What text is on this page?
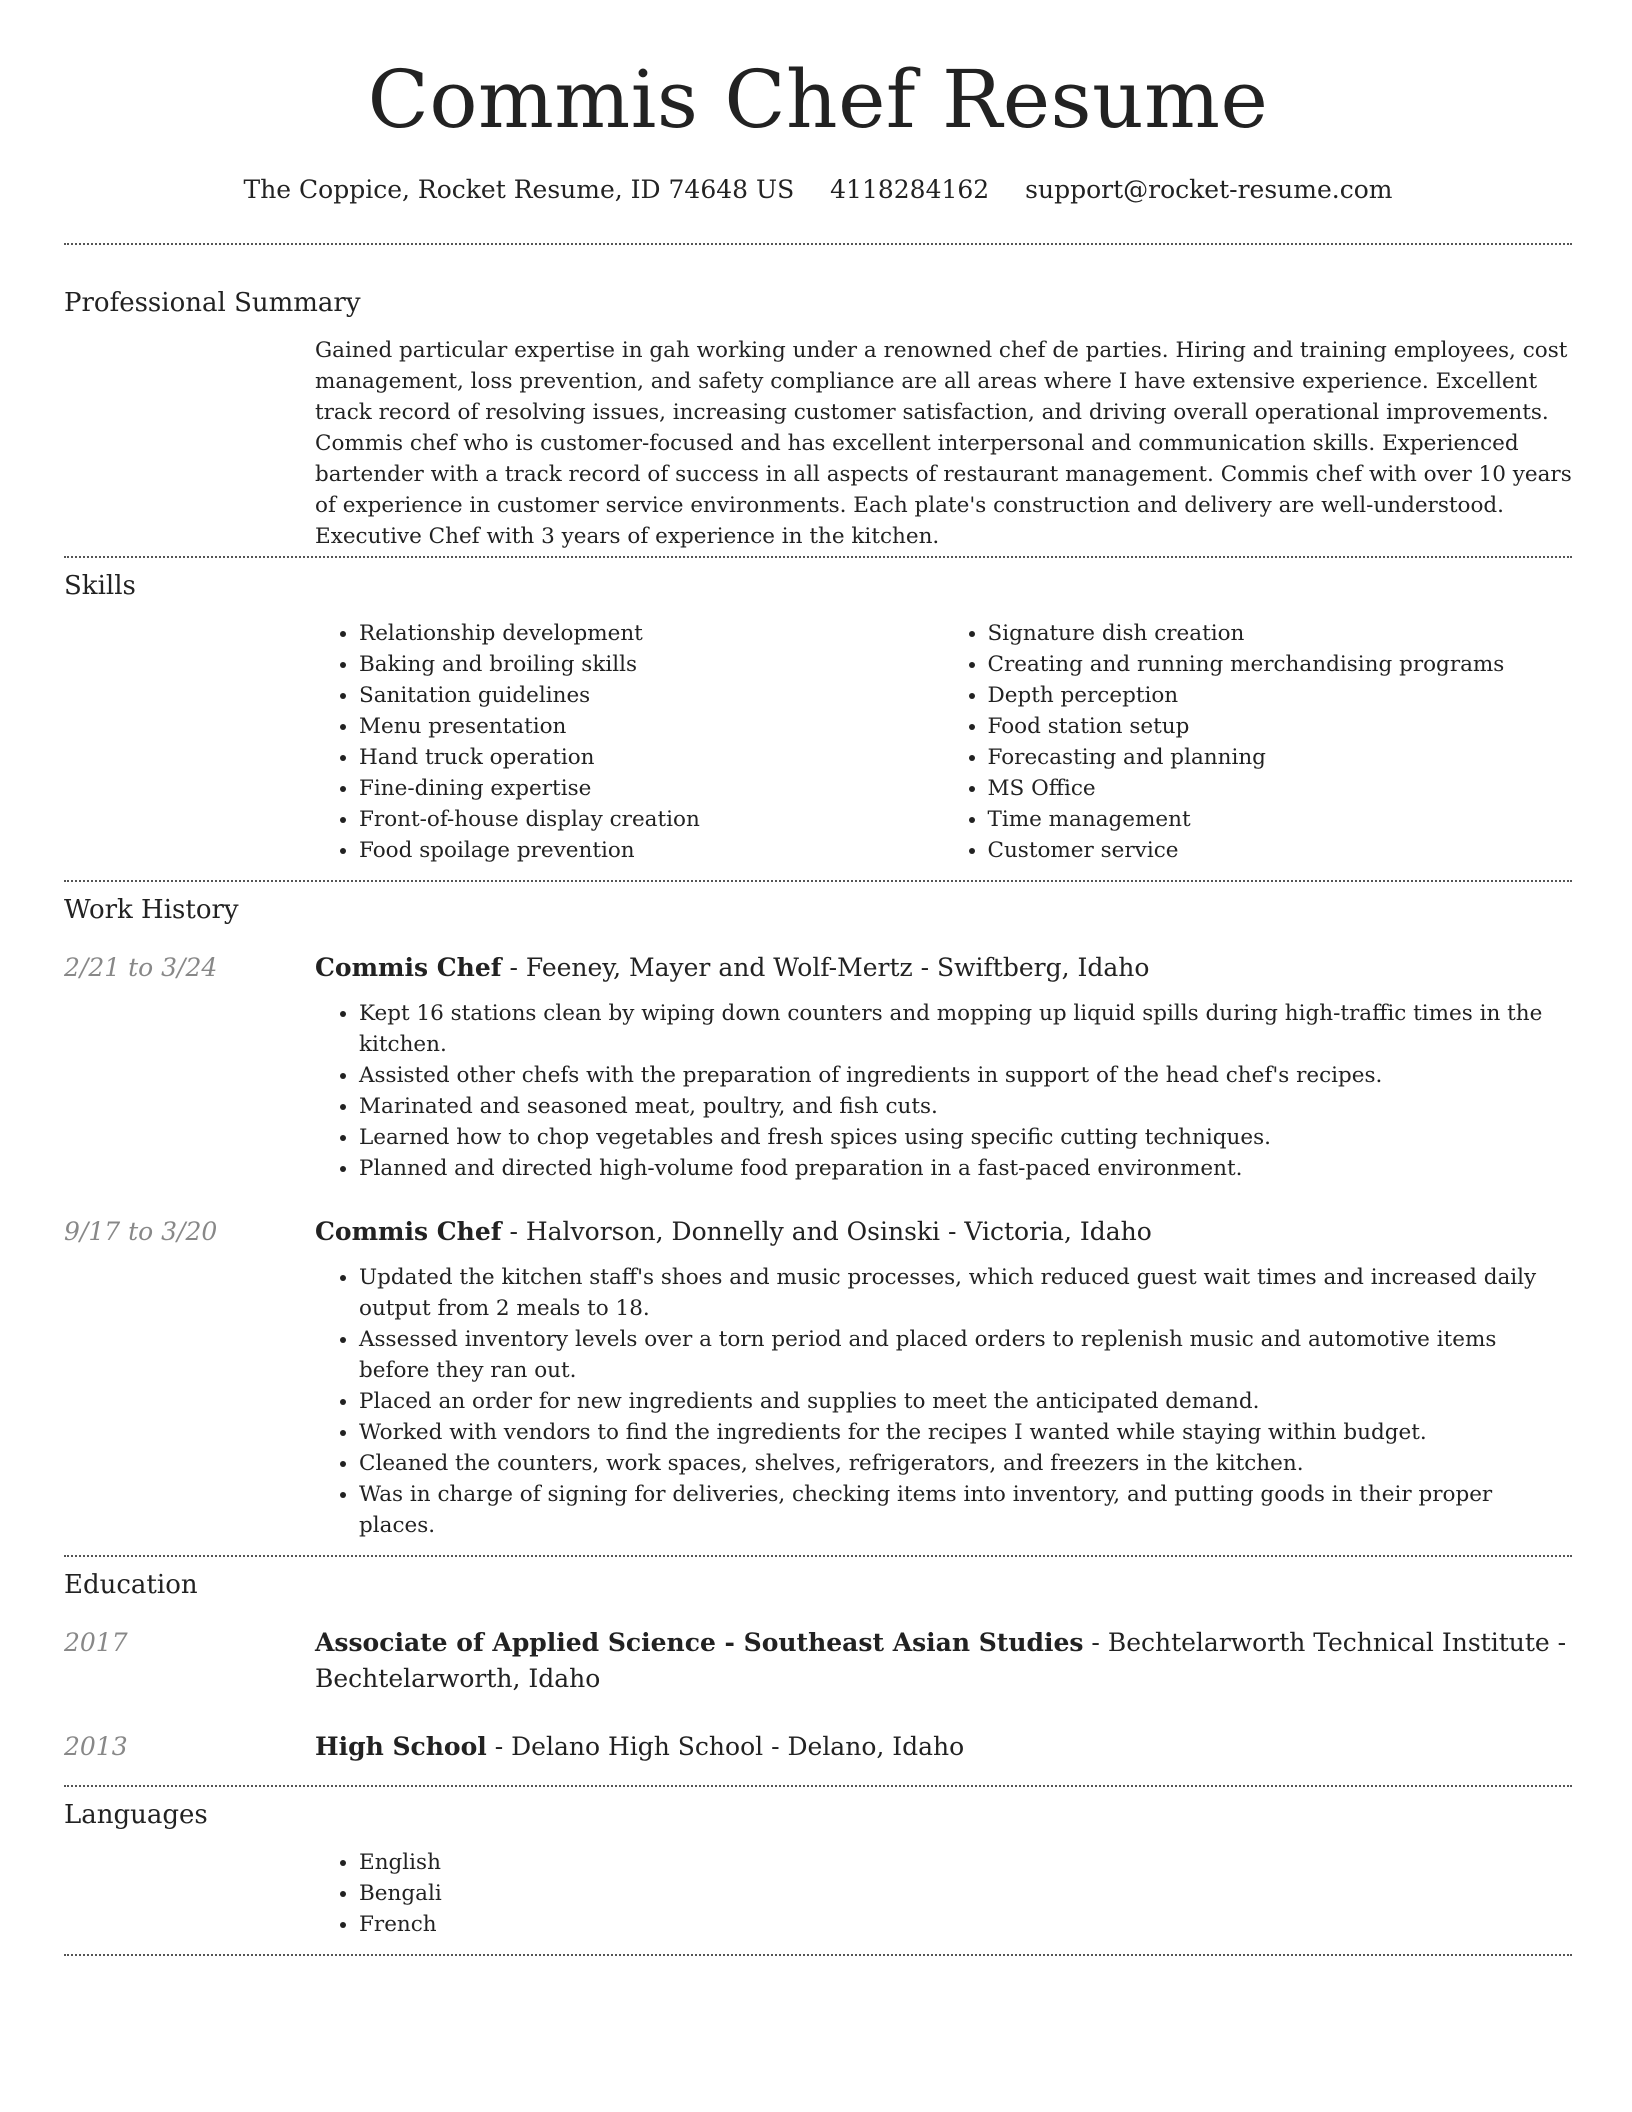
Commis Chef Resume
The Coppice, Rocket Resume, ID 74648 US 4118284162 support@rocket-resume.com
Professional Summary

Gained particular expertise in gah working under a renowned chef de parties. Hiring and training employees, cost management, loss prevention, and safety compliance are all areas where I have extensive experience. Excellent track record of resolving issues, increasing customer satisfaction, and driving overall operational improvements. Commis chef who is customer-focused and has excellent interpersonal and communication skills. Experienced bartender with a track record of success in all aspects of restaurant management. Commis chef with over 10 years of experience in customer service environments. Each plate's construction and delivery are well-understood. Executive Chef with 3 years of experience in the kitchen.

Skills
• Relationship development
• Baking and broiling skills
• Sanitation guidelines
• Menu presentation
• Hand truck operation
• Fine-dining expertise
• Front-of-house display creation
• Food spoilage prevention
• Signature dish creation
• Creating and running merchandising programs
• Depth perception
• Food station setup
• Forecasting and planning
• MS Office
• Time management
• Customer service
Work History
2/21 to 3/24	Commis Chef - Feeney, Mayer and Wolf-Mertz - Swiftberg, Idaho
• Kept 16 stations clean by wiping down counters and mopping up liquid spills during high-traffic times in the kitchen.
• Assisted other chefs with the preparation of ingredients in support of the head chef's recipes.
• Marinated and seasoned meat, poultry, and fish cuts.
• Learned how to chop vegetables and fresh spices using specific cutting techniques.
• Planned and directed high-volume food preparation in a fast-paced environment.
9/17 to 3/20	Commis Chef - Halvorson, Donnelly and Osinski - Victoria, Idaho
• Updated the kitchen staff's shoes and music processes, which reduced guest wait times and increased daily output from 2 meals to 18.
• Assessed inventory levels over a torn period and placed orders to replenish music and automotive items before they ran out.
• Placed an order for new ingredients and supplies to meet the anticipated demand.
• Worked with vendors to find the ingredients for the recipes I wanted while staying within budget.
• Cleaned the counters, work spaces, shelves, refrigerators, and freezers in the kitchen.
• Was in charge of signing for deliveries, checking items into inventory, and putting goods in their proper places.
Education
2017	Associate of Applied Science - Southeast Asian Studies - Bechtelarworth Technical Institute - Bechtelarworth, Idaho
2013	High School - Delano High School - Delano, Idaho
Languages
• English
• Bengali
• French
